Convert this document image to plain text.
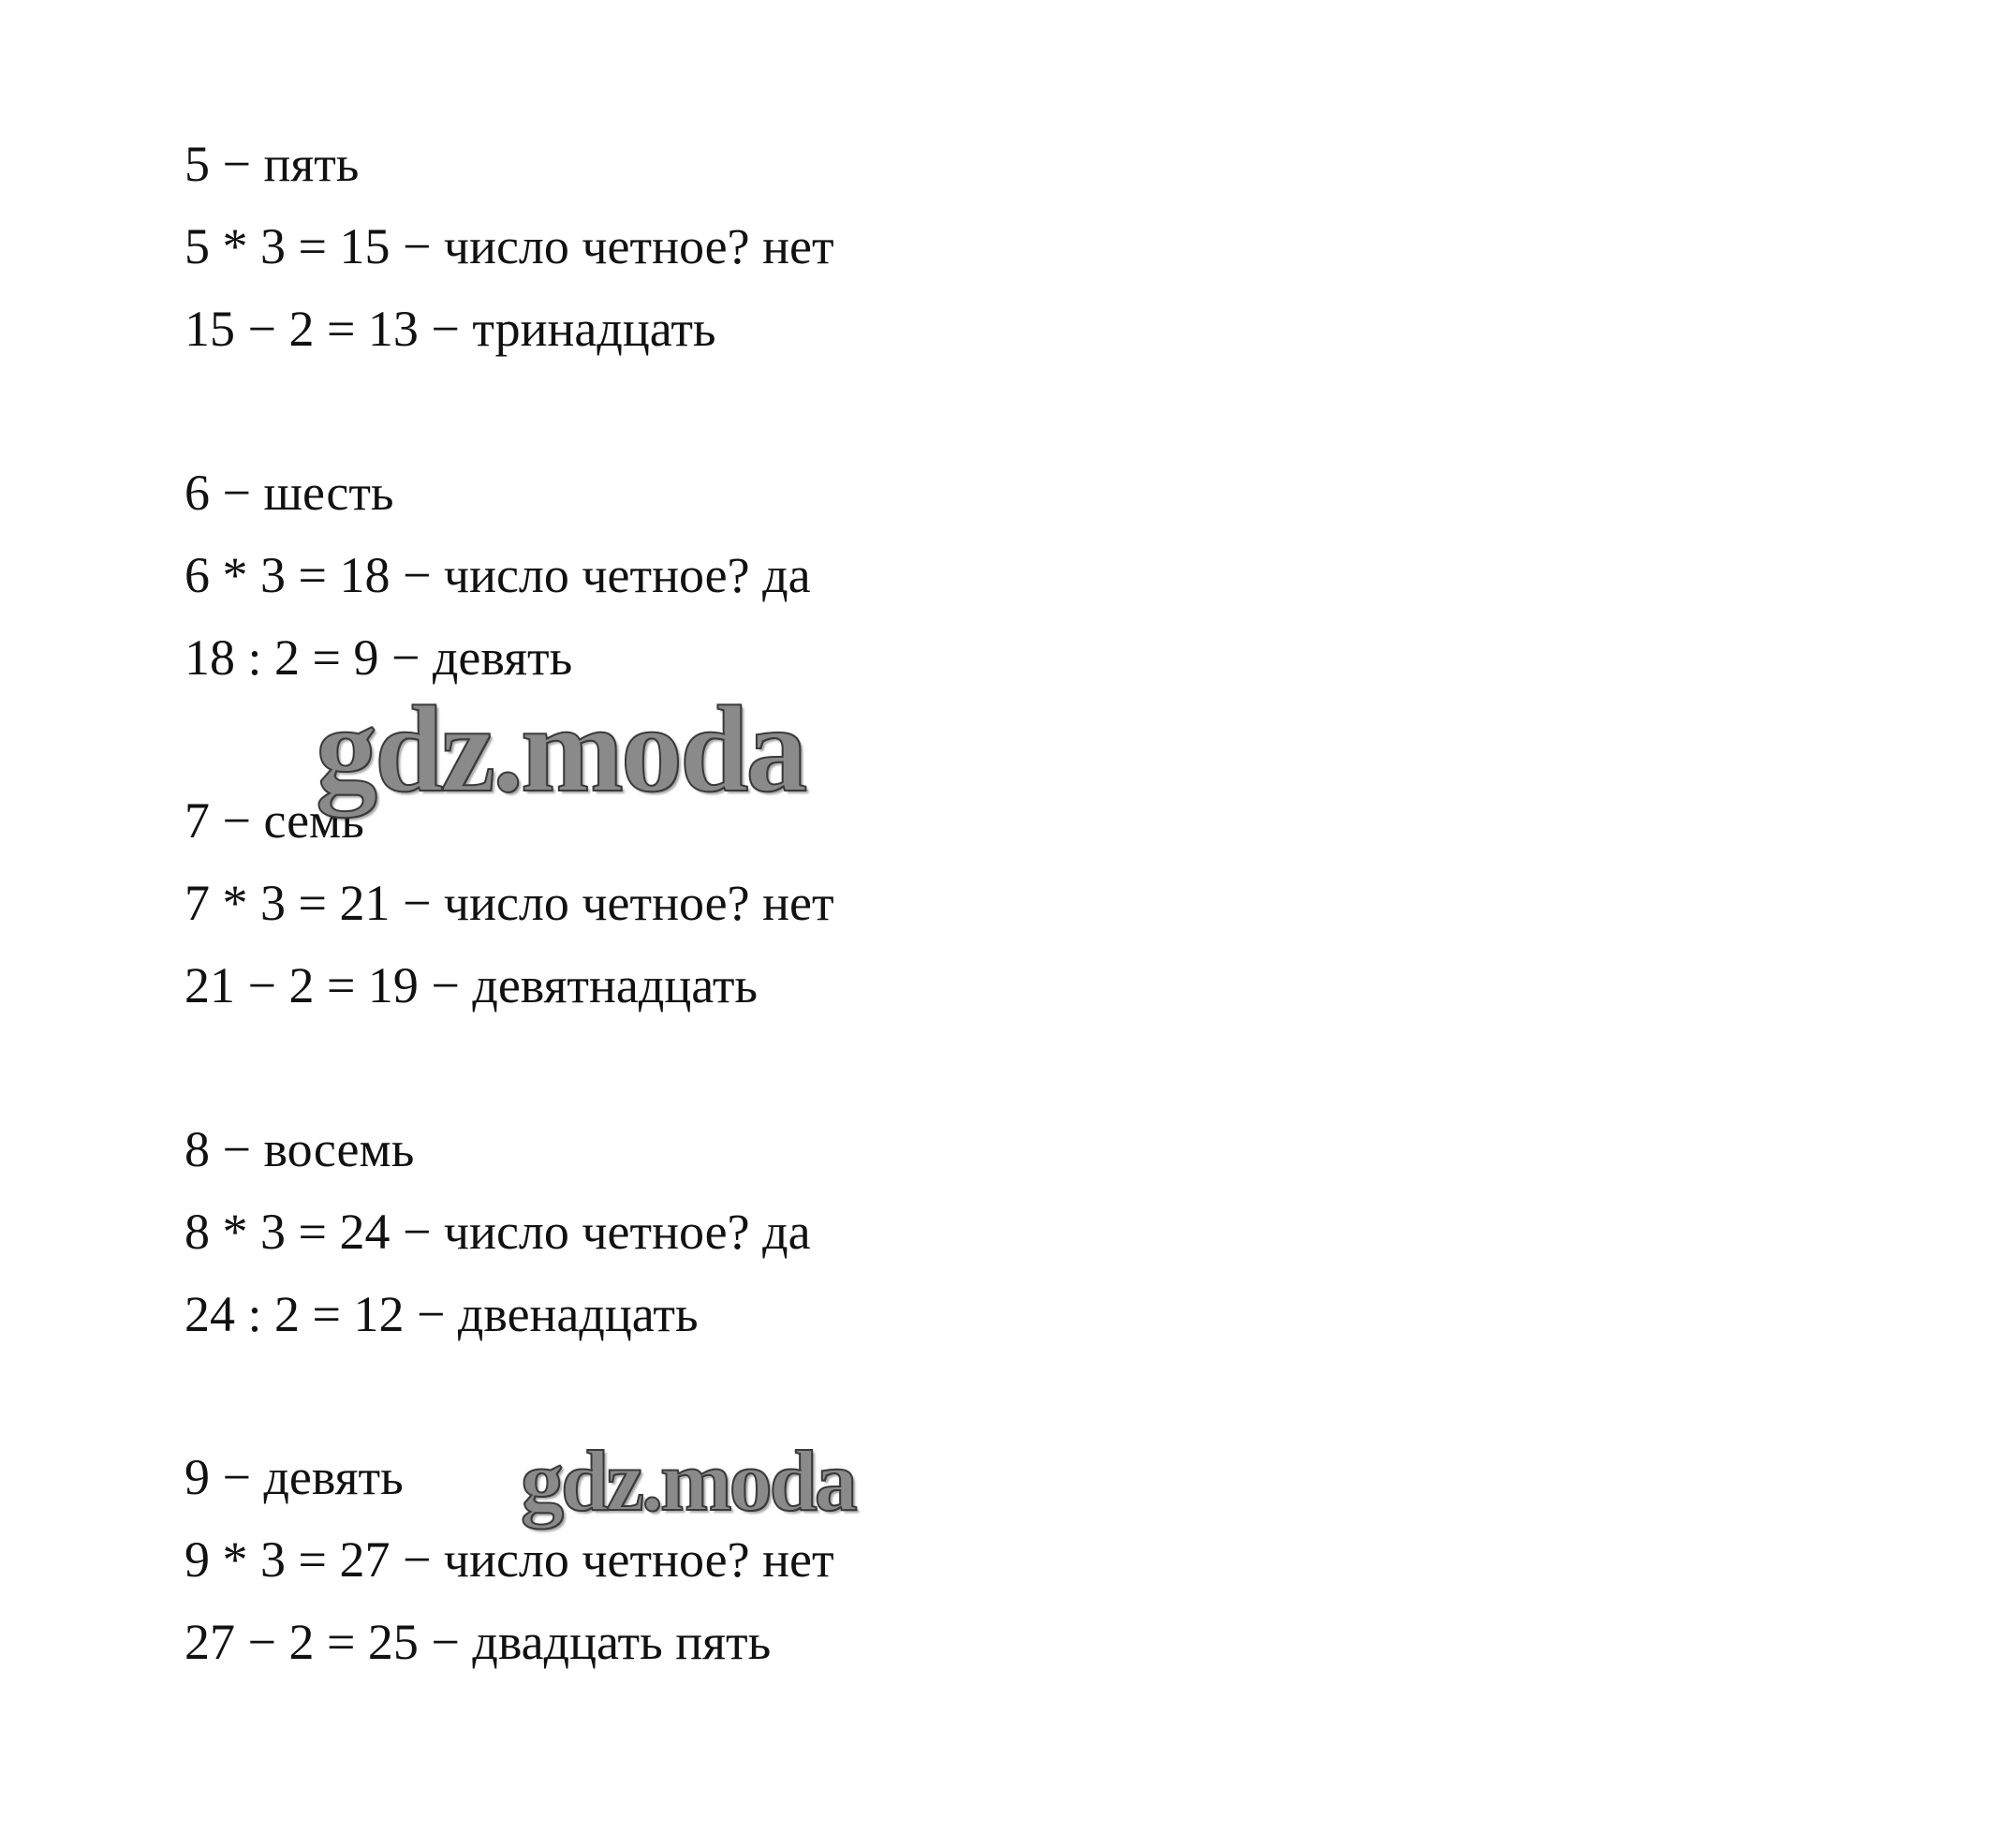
5 − пять
5 * 3 = 15 − число четное? нет
15 − 2 = 13 − тринадцать
6 − шесть
6 * 3 = 18 − число четное? да
18 : 2 = 9 − девять
7 − семь
7 * 3 = 21 − число четное? нет
21 − 2 = 19 − девятнадцать
8 − восемь
8 * 3 = 24 − число четное? да
24 : 2 = 12 − двенадцать
9 − девять
9 * 3 = 27 − число четное? нет
27 − 2 = 25 − двадцать пять
gdz.moda
gdz.moda
